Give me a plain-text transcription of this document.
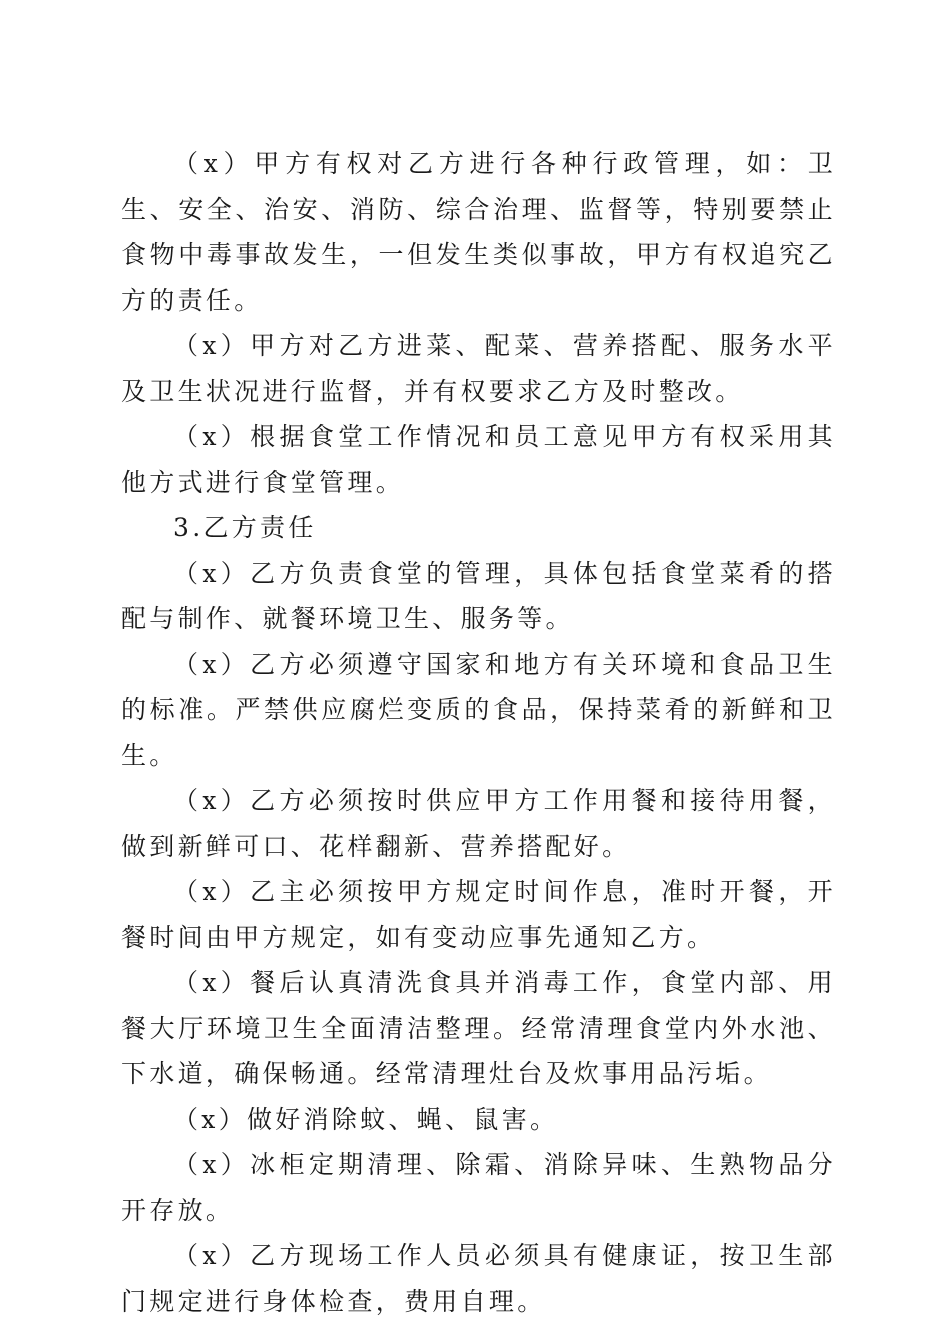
（x）甲方有权对乙方进行各种行政管理，如：卫生、安全、治安、消防、综合治理、监督等，特别要禁止食物中毒事故发生，一但发生类似事故，甲方有权追究乙方的责任。

（x）甲方对乙方进菜、配菜、营养搭配、服务水平及卫生状况进行监督，并有权要求乙方及时整改。

（x）根据食堂工作情况和员工意见甲方有权采用其他方式进行食堂管理。

3.乙方责任

（x）乙方负责食堂的管理，具体包括食堂菜肴的搭配与制作、就餐环境卫生、服务等。

（x）乙方必须遵守国家和地方有关环境和食品卫生的标准。严禁供应腐烂变质的食品，保持菜肴的新鲜和卫生。

（x）乙方必须按时供应甲方工作用餐和接待用餐，做到新鲜可口、花样翻新、营养搭配好。

（x）乙主必须按甲方规定时间作息，准时开餐，开餐时间由甲方规定，如有变动应事先通知乙方。

（x）餐后认真清洗食具并消毒工作，食堂内部、用餐大厅环境卫生全面清洁整理。经常清理食堂内外水池、下水道，确保畅通。经常清理灶台及炊事用品污垢。

（x）做好消除蚊、蝇、鼠害。

（x）冰柜定期清理、除霜、消除异味、生熟物品分开存放。

（x）乙方现场工作人员必须具有健康证，按卫生部门规定进行身体检查，费用自理。
